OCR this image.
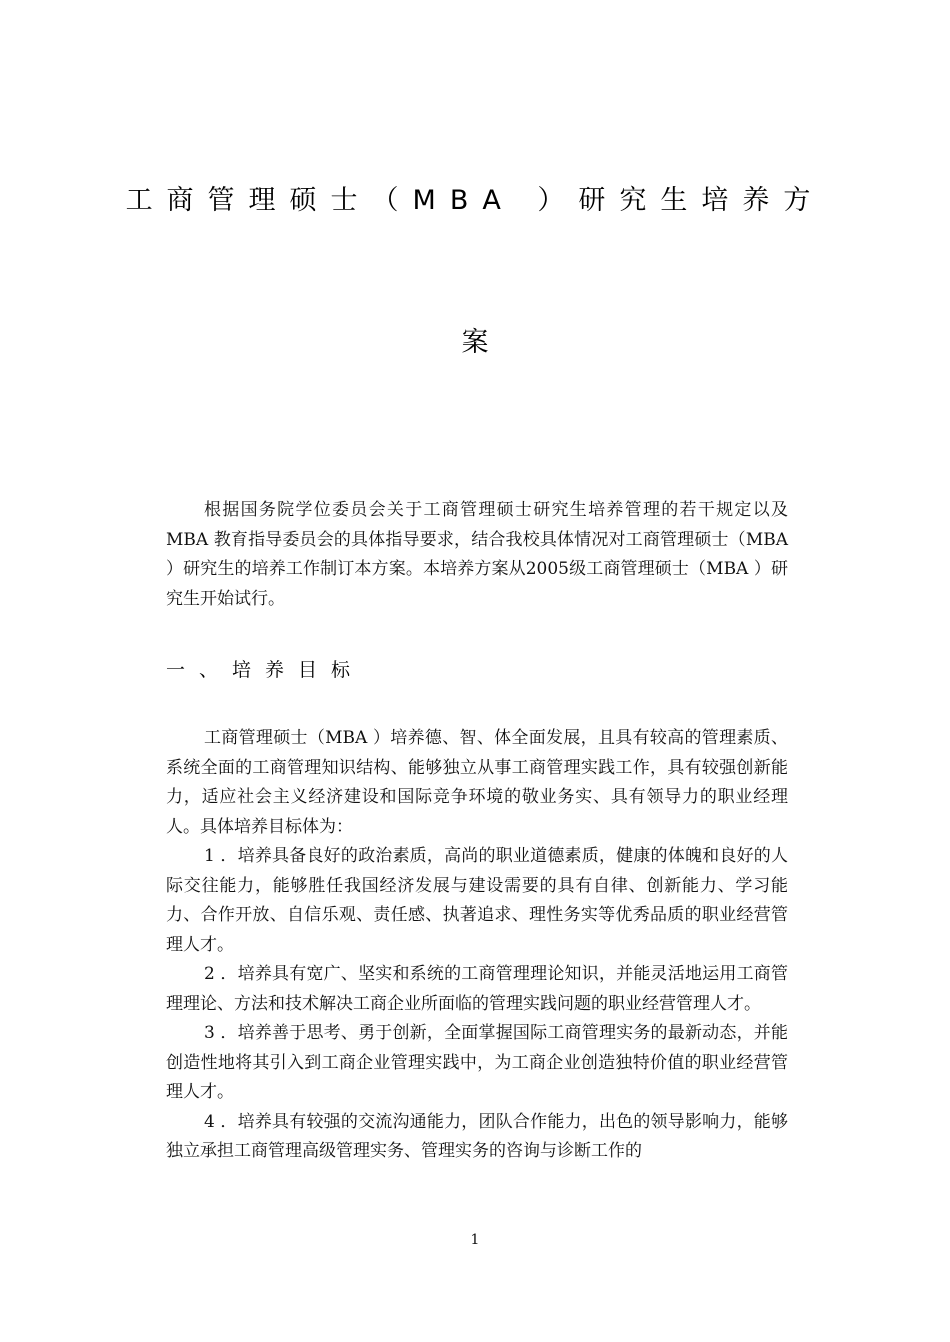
工商管理硕士（MBA ）研究生培养方
案

根据国务院学位委员会关于工商管理硕士研究生培养管理的若干规定以及MBA 教育指导委员会的具体指导要求，结合我校具体情况对工商管理硕士（MBA ）研究生的培养工作制订本方案。本培养方案从2005级工商管理硕士（MBA ）研究生开始试行。

一、培养目标

工商管理硕士（MBA ）培养德、智、体全面发展，且具有较高的管理素质、系统全面的工商管理知识结构、能够独立从事工商管理实践工作，具有较强创新能力，适应社会主义经济建设和国际竞争环境的敬业务实、具有领导力的职业经理人。具体培养目标体为：

1 ．培养具备良好的政治素质，高尚的职业道德素质，健康的体魄和良好的人际交往能力，能够胜任我国经济发展与建设需要的具有自律、创新能力、学习能力、合作开放、自信乐观、责任感、执著追求、理性务实等优秀品质的职业经营管理人才。

2 ．培养具有宽广、坚实和系统的工商管理理论知识，并能灵活地运用工商管理理论、方法和技术解决工商企业所面临的管理实践问题的职业经营管理人才。

3 ．培养善于思考、勇于创新，全面掌握国际工商管理实务的最新动态，并能创造性地将其引入到工商企业管理实践中，为工商企业创造独特价值的职业经营管理人才。

4 ．培养具有较强的交流沟通能力，团队合作能力，出色的领导影响力，能够独立承担工商管理高级管理实务、管理实务的咨询与诊断工作的

1
